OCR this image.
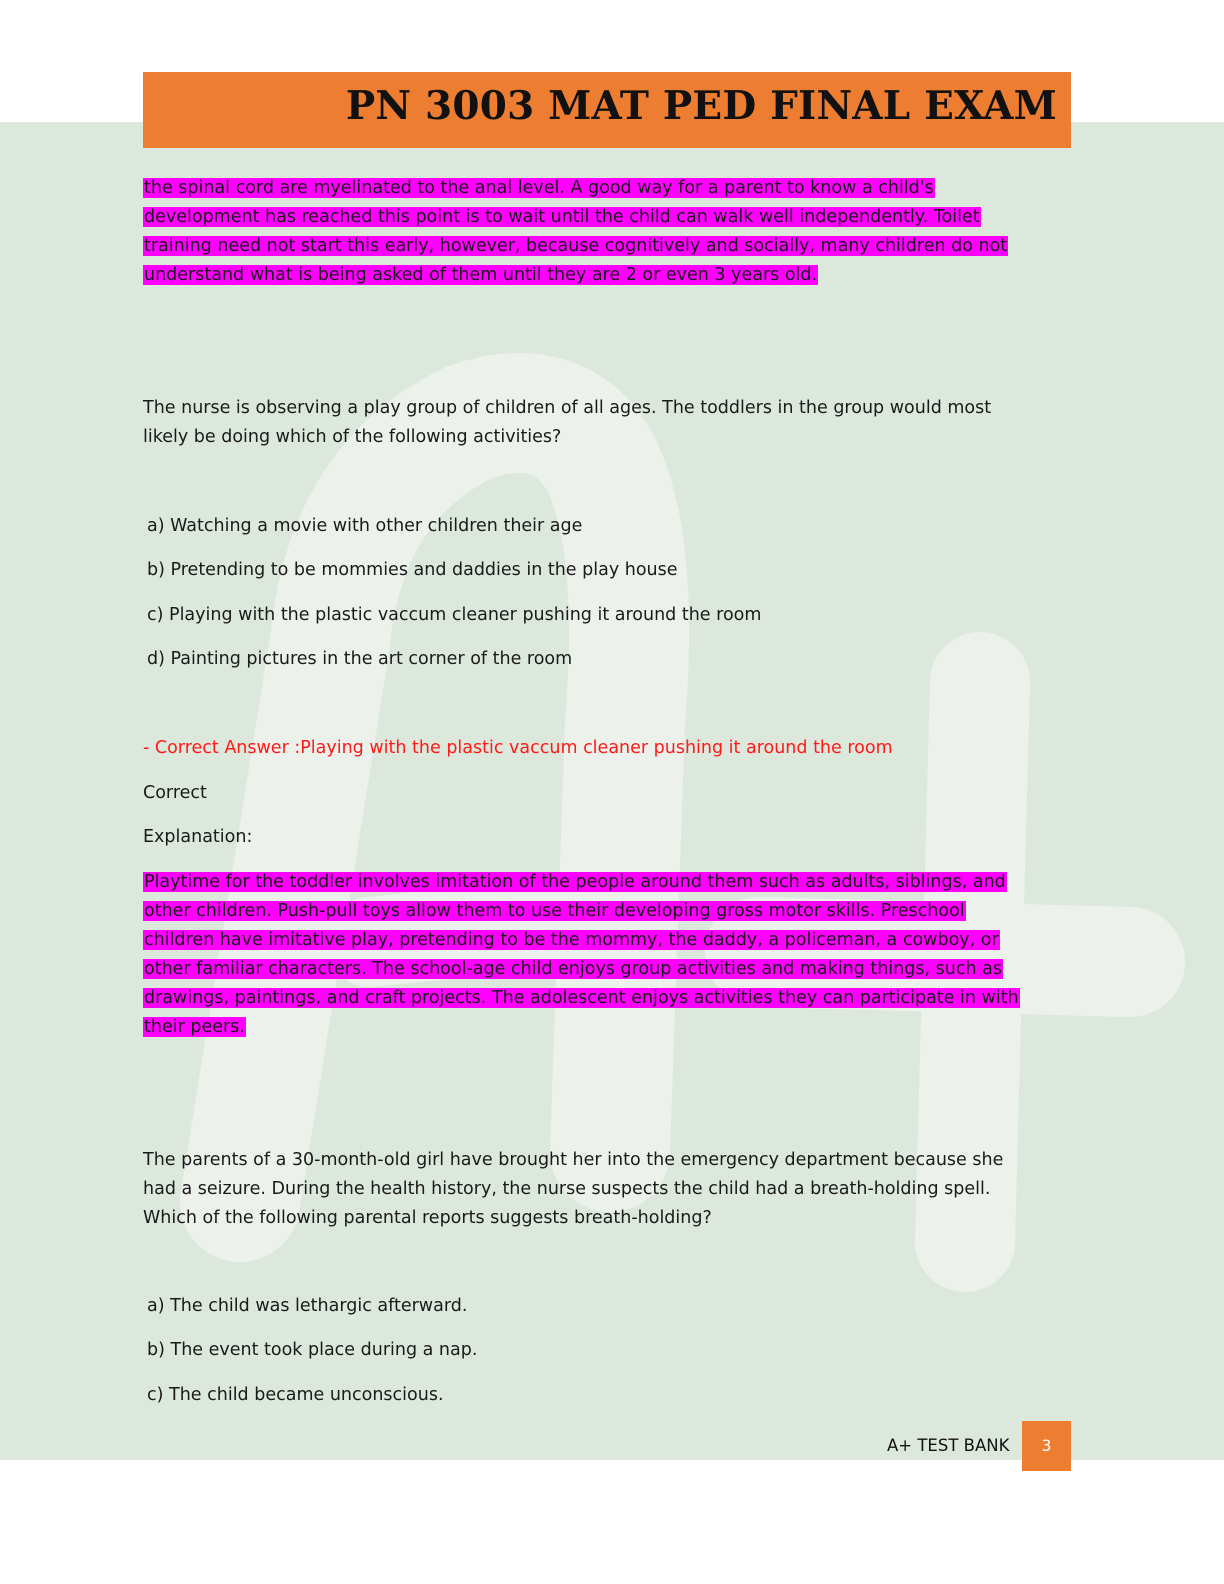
PN 3003 MAT PED FINAL EXAM
the spinal cord are myelinated to the anal level. A good way for a parent to know a child's
development has reached this point is to wait until the child can walk well independently. Toilet
training need not start this early, however, because cognitively and socially, many children do not
understand what is being asked of them until they are 2 or even 3 years old.
The nurse is observing a play group of children of all ages. The toddlers in the group would most
likely be doing which of the following activities?
a) Watching a movie with other children their age
b) Pretending to be mommies and daddies in the play house
c) Playing with the plastic vaccum cleaner pushing it around the room
d) Painting pictures in the art corner of the room
- Correct Answer :Playing with the plastic vaccum cleaner pushing it around the room
Correct
Explanation:
Playtime for the toddler involves imitation of the people around them such as adults, siblings, and
other children. Push-pull toys allow them to use their developing gross motor skills. Preschool
children have imitative play, pretending to be the mommy, the daddy, a policeman, a cowboy, or
other familiar characters. The school-age child enjoys group activities and making things, such as
drawings, paintings, and craft projects. The adolescent enjoys activities they can participate in with
their peers.
The parents of a 30-month-old girl have brought her into the emergency department because she
had a seizure. During the health history, the nurse suspects the child had a breath-holding spell.
Which of the following parental reports suggests breath-holding?
a) The child was lethargic afterward.
b) The event took place during a nap.
c) The child became unconscious.
A+ TEST BANK	3
